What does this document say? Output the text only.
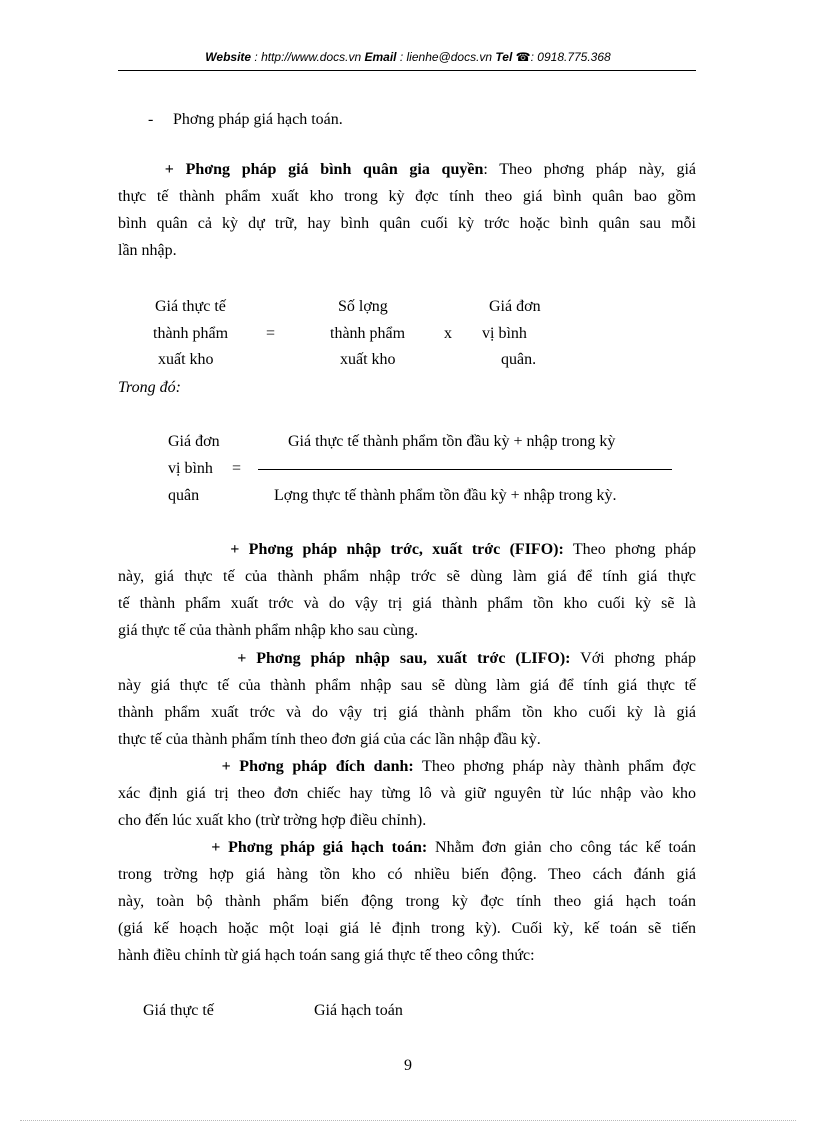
Website : http://www.docs.vn Email : lienhe@docs.vn Tel ☎: 0918.775.368
- Phơng pháp giá hạch toán.
+ Phơng pháp giá bình quân gia quyền: Theo phơng pháp này, giá
thực tế thành phẩm xuất kho trong kỳ đợc tính theo giá bình quân bao gồm
bình quân cả kỳ dự trữ, hay bình quân cuối kỳ trớc hoặc bình quân sau mỗi
lần nhập.
Giá thực tế
thành phẩm
xuất kho
=
Số lợng
thành phẩm
xuất kho
x
Giá đơn
vị bình
quân.
Trong đó:
Giá đơn
vị bình
quân
=
Giá thực tế thành phẩm tồn đầu kỳ + nhập trong kỳ
Lợng thực tế thành phẩm tồn đầu kỳ + nhập trong kỳ.
+ Phơng pháp nhập trớc, xuất trớc (FIFO): Theo phơng pháp
này, giá thực tế của thành phẩm nhập trớc sẽ dùng làm giá để tính giá thực
tế thành phẩm xuất trớc và do vậy trị giá thành phẩm tồn kho cuối kỳ sẽ là
giá thực tế của thành phẩm nhập kho sau cùng.
+ Phơng pháp nhập sau, xuất trớc (LIFO): Với phơng pháp
này giá thực tế của thành phẩm nhập sau sẽ dùng làm giá để tính giá thực tế
thành phẩm xuất trớc và do vậy trị giá thành phẩm tồn kho cuối kỳ là giá
thực tế của thành phẩm tính theo đơn giá của các lần nhập đầu kỳ.
+ Phơng pháp đích danh: Theo phơng pháp này thành phẩm đợc
xác định giá trị theo đơn chiếc hay từng lô và giữ nguyên từ lúc nhập vào kho
cho đến lúc xuất kho (trừ trờng hợp điều chỉnh).
+ Phơng pháp giá hạch toán: Nhằm đơn giản cho công tác kế toán
trong trờng hợp giá hàng tồn kho có nhiều biến động. Theo cách đánh giá
này, toàn bộ thành phẩm biến động trong kỳ đợc tính theo giá hạch toán
(giá kế hoạch hoặc một loại giá lẻ định trong kỳ). Cuối kỳ, kế toán sẽ tiến
hành điều chỉnh từ giá hạch toán sang giá thực tế theo công thức:
Giá thực tế	Giá hạch toán
9
